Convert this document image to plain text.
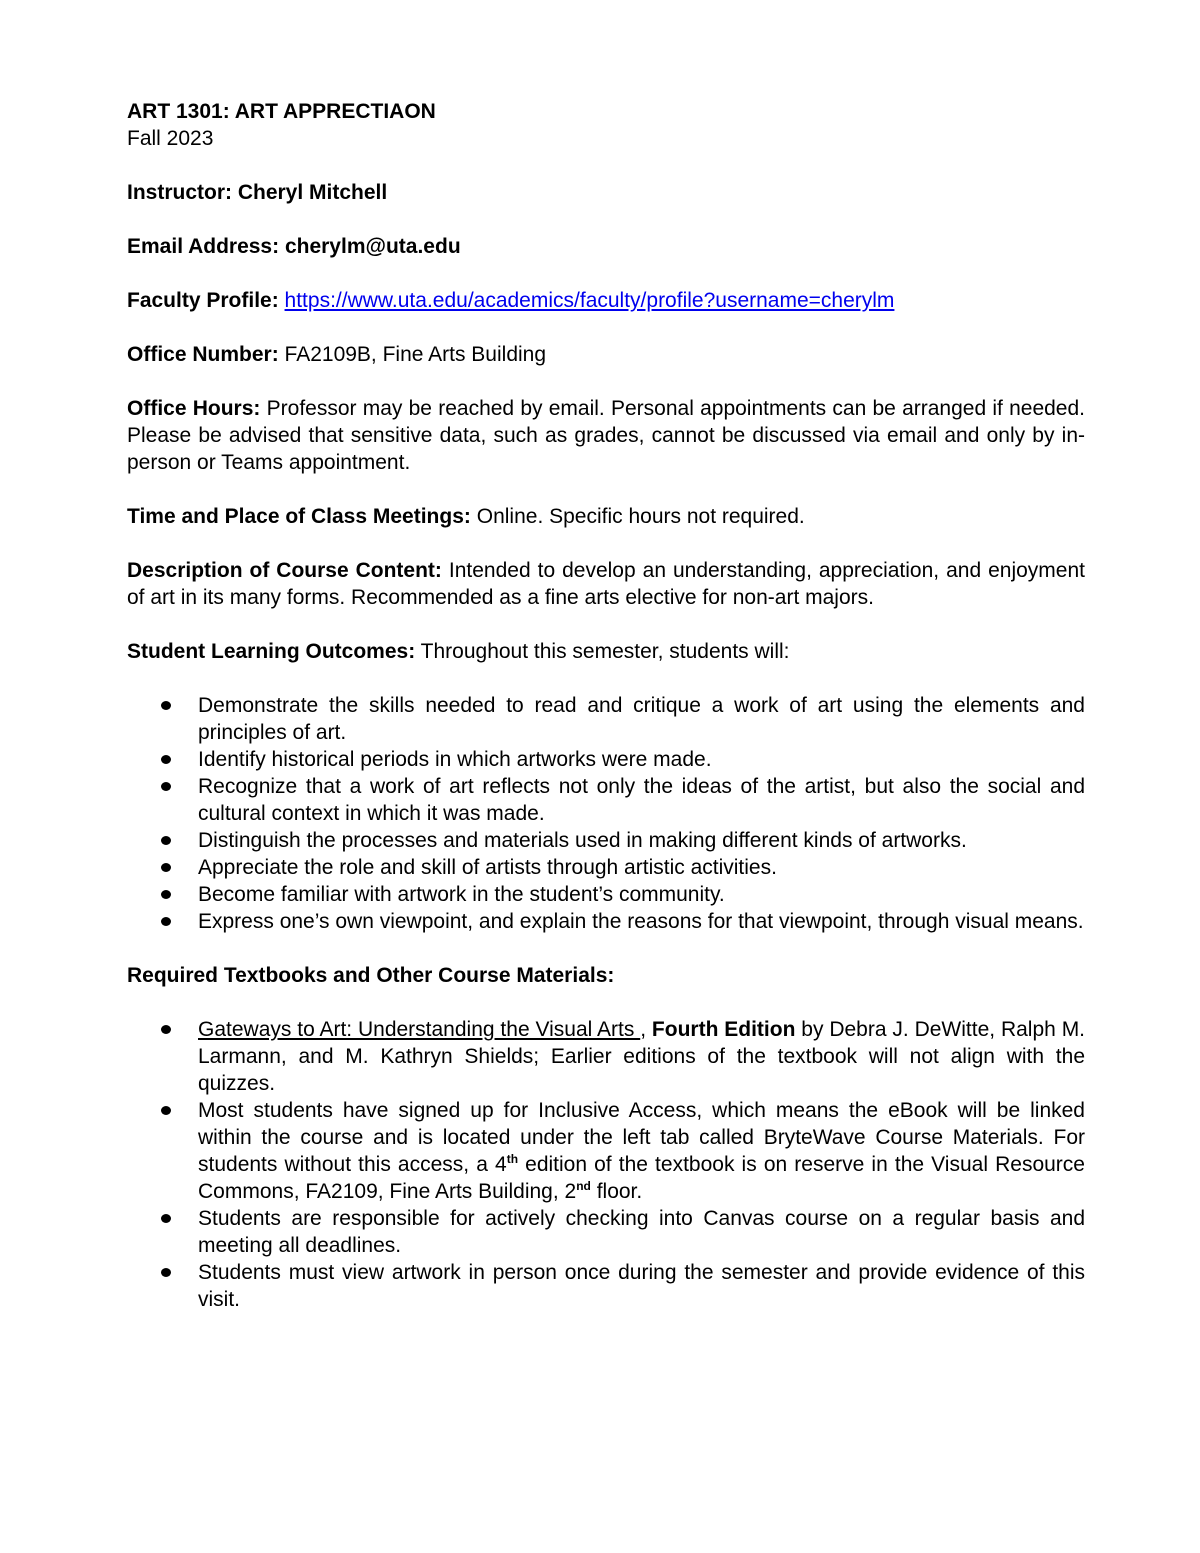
ART 1301: ART APPRECTIAON

Fall 2023

Instructor: Cheryl Mitchell

Email Address: cherylm@uta.edu

Faculty Profile: https://www.uta.edu/academics/faculty/profile?username=cherylm

Office Number: FA2109B, Fine Arts Building

Office Hours: Professor may be reached by email. Personal appointments can be arranged if needed. Please be advised that sensitive data, such as grades, cannot be discussed via email and only by in-person or Teams appointment.

Time and Place of Class Meetings: Online. Specific hours not required.

Description of Course Content: Intended to develop an understanding, appreciation, and enjoyment of art in its many forms. Recommended as a fine arts elective for non-art majors.

Student Learning Outcomes: Throughout this semester, students will:

Demonstrate the skills needed to read and critique a work of art using the elements and principles of art.
Identify historical periods in which artworks were made.
Recognize that a work of art reflects not only the ideas of the artist, but also the social and cultural context in which it was made.
Distinguish the processes and materials used in making different kinds of artworks.
Appreciate the role and skill of artists through artistic activities.
Become familiar with artwork in the student’s community.
Express one’s own viewpoint, and explain the reasons for that viewpoint, through visual means.

Required Textbooks and Other Course Materials:

Gateways to Art: Understanding the Visual Arts , Fourth Edition by Debra J. DeWitte, Ralph M. Larmann, and M. Kathryn Shields; Earlier editions of the textbook will not align with the quizzes.
Most students have signed up for Inclusive Access, which means the eBook will be linked within the course and is located under the left tab called BryteWave Course Materials. For students without this access, a 4th edition of the textbook is on reserve in the Visual Resource Commons, FA2109, Fine Arts Building, 2nd floor.
Students are responsible for actively checking into Canvas course on a regular basis and meeting all deadlines.
Students must view artwork in person once during the semester and provide evidence of this visit.
